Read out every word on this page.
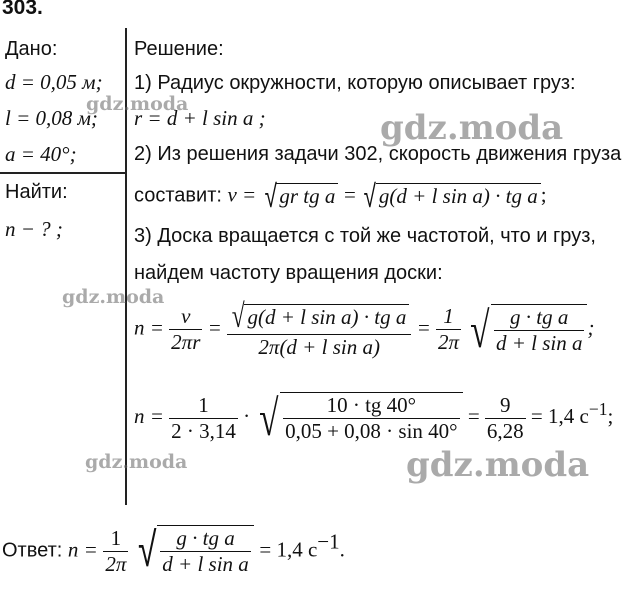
303.
Дано:
d = 0,05 м;
l = 0,08 м;
a = 40°;
Найти:
n − ? ;
Решение:
1) Радиус окружности, которую описывает груз:
r = d + l sin a ;
2) Из решения задачи 302, скорость движения груза
составит: v = √ gr tg a = √ g(d + l sin a) · tg a ;
3) Доска вращается с той же частотой, что и груз,
найдем частоту вращения доски:
$n = \frac{v}{2\pi r} = \frac{\text{√ g(d + l sin a) · tg a}}{\text{2π(d + l sin a)}} = \frac{1}{2\pi}$ √ $\frac{\text{g · tg a}}{\text{d + l sin a}}$ ;
$n = \frac{1}{2 \cdot 3,14}$ · √ $\frac{10 \cdot tg 40^\circ}{0,05 + 0,08 \cdot \sin 40^\circ} = \frac{9}{6,28} = 1,4$ $с^{-1}$;
Ответ: $n = \frac{1}{2\pi}$ √ $\frac{\text{g · tg a}}{\text{d + l sin a}} = 1,4$ $с^{-1}$.
gdz.moda
gdz.moda
gdz.moda
gdz.moda	gdz.moda
